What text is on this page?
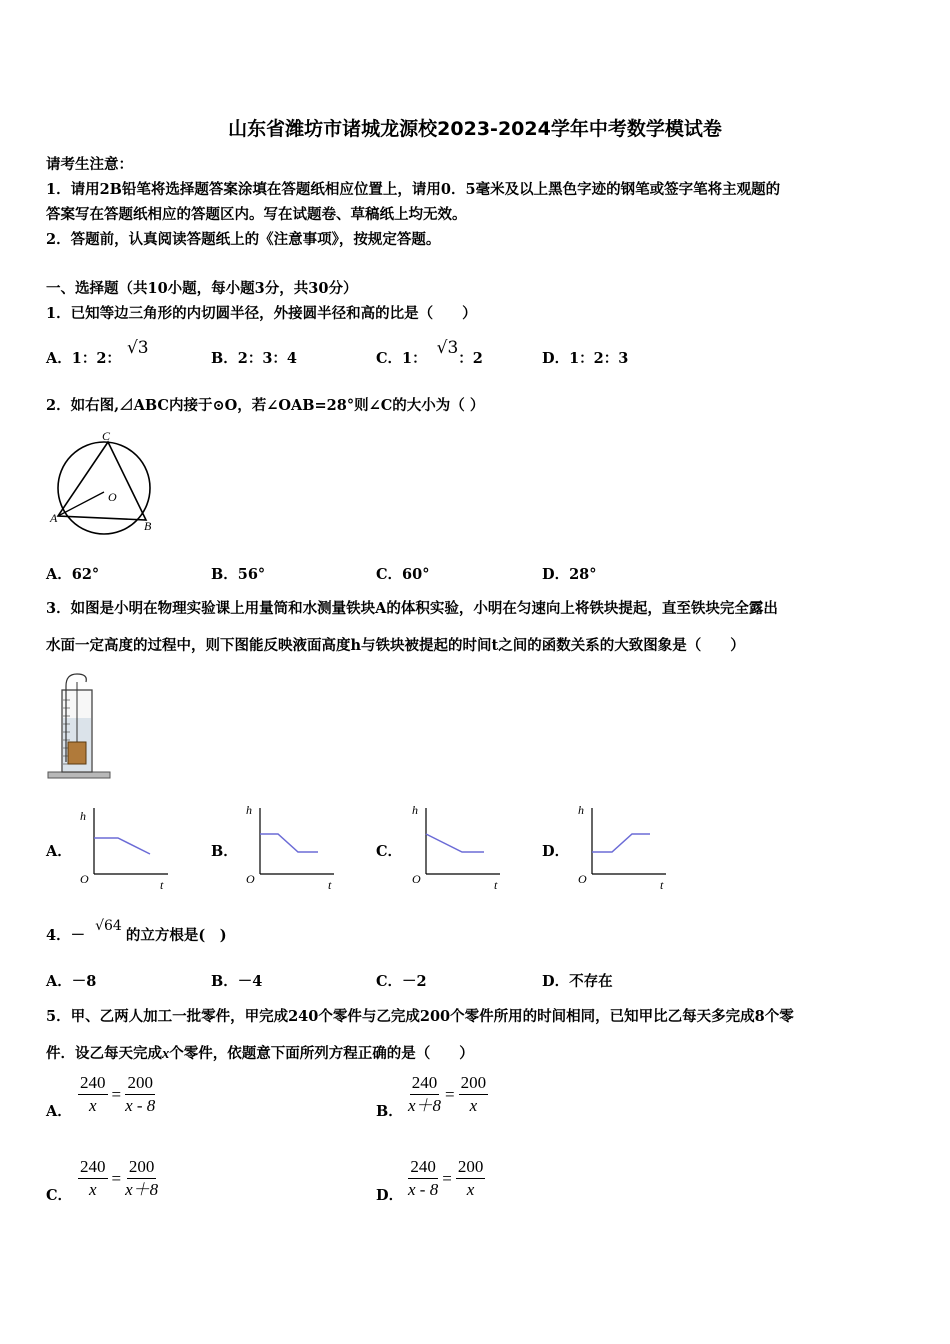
山东省潍坊市诸城龙源校2023-2024学年中考数学模试卷
请考生注意：
1．请用2B铅笔将选择题答案涂填在答题纸相应位置上，请用0．5毫米及以上黑色字迹的钢笔或签字笔将主观题的
答案写在答题纸相应的答题区内。写在试题卷、草稿纸上均无效。
2．答题前，认真阅读答题纸上的《注意事项》，按规定答题。
一、选择题（共10小题，每小题3分，共30分）
1．已知等边三角形的内切圆半径，外接圆半径和高的比是（　　）
A．1：2：√3
B．2：3：4	C．1：√3：2	D．1：2：3
2．如右图,⊿ABC内接于⊙O，若∠OAB=28°则∠C的大小为（ ）
C
O
A
B
A．62°	B．56°	C．60°	D．28°
3．如图是小明在物理实验课上用量筒和水测量铁块A的体积实验，小明在匀速向上将铁块提起，直至铁块完全露出
水面一定高度的过程中，则下图能反映液面高度h与铁块被提起的时间t之间的函数关系的大致图象是（　　）
A．	B．	C．	D．
h
O	t
h
O	t
h
O	t
h
O	t
4．－√64的立方根是(　)
A．－8	B．－4	C．－2	D．不存在
5．甲、乙两人加工一批零件，甲完成240个零件与乙完成200个零件所用的时间相同，已知甲比乙每天多完成8个零
件．设乙每天完成x个零件，依题意下面所列方程正确的是（　　）
A． $\frac{240}{x} = \frac{200}{x - 8}$	B． $\frac{240}{x+8} = \frac{200}{x}$
C． $\frac{240}{x} = \frac{200}{x+8}$	D． $\frac{240}{x - 8} = \frac{200}{x}$
